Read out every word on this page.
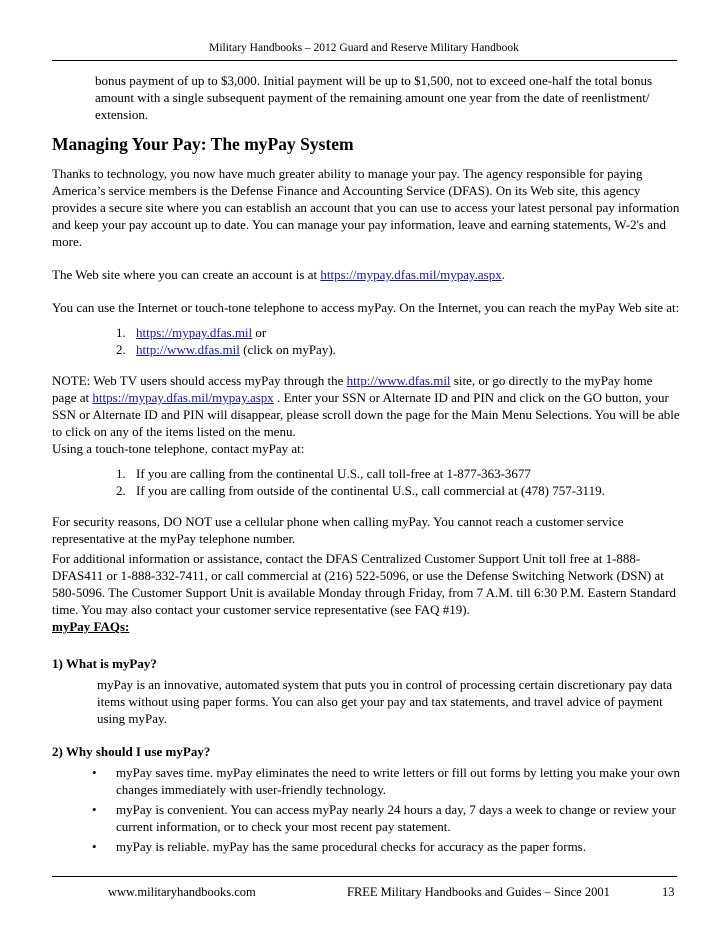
Military Handbooks – 2012 Guard and Reserve Military Handbook

bonus payment of up to $3,000. Initial payment will be up to $1,500, not to exceed one-half the total bonus amount with a single subsequent payment of the remaining amount one year from the date of reenlistment/ extension.

Managing Your Pay: The myPay System

Thanks to technology, you now have much greater ability to manage your pay. The agency responsible for paying America’s service members is the Defense Finance and Accounting Service (DFAS). On its Web site, this agency provides a secure site where you can establish an account that you can use to access your latest personal pay information and keep your pay account up to date. You can manage your pay information, leave and earning statements, W-2's and more.

The Web site where you can create an account is at https://mypay.dfas.mil/mypay.aspx.

You can use the Internet or touch-tone telephone to access myPay. On the Internet, you can reach the myPay Web site at:

1. https://mypay.dfas.mil or
2. http://www.dfas.mil (click on myPay).

NOTE: Web TV users should access myPay through the http://www.dfas.mil site, or go directly to the myPay home page at https://mypay.dfas.mil/mypay.aspx . Enter your SSN or Alternate ID and PIN and click on the GO button, your SSN or Alternate ID and PIN will disappear, please scroll down the page for the Main Menu Selections. You will be able to click on any of the items listed on the menu.

Using a touch-tone telephone, contact myPay at:

1. If you are calling from the continental U.S., call toll-free at 1-877-363-3677
2. If you are calling from outside of the continental U.S., call commercial at (478) 757-3119.

For security reasons, DO NOT use a cellular phone when calling myPay. You cannot reach a customer service representative at the myPay telephone number.

For additional information or assistance, contact the DFAS Centralized Customer Support Unit toll free at 1-888-DFAS411 or 1-888-332-7411, or call commercial at (216) 522-5096, or use the Defense Switching Network (DSN) at 580-5096. The Customer Support Unit is available Monday through Friday, from 7 A.M. till 6:30 P.M. Eastern Standard time. You may also contact your customer service representative (see FAQ #19).

myPay FAQs:
1) What is myPay?
myPay is an innovative, automated system that puts you in control of processing certain discretionary pay data items without using paper forms. You can also get your pay and tax statements, and travel advice of payment using myPay.
2) Why should I use myPay?
•	myPay saves time. myPay eliminates the need to write letters or fill out forms by letting you make your own changes immediately with user-friendly technology.
•	myPay is convenient. You can access myPay nearly 24 hours a day, 7 days a week to change or review your current information, or to check your most recent pay statement.
•	myPay is reliable. myPay has the same procedural checks for accuracy as the paper forms.
www.militaryhandbooks.com	FREE Military Handbooks and Guides – Since 2001	13
